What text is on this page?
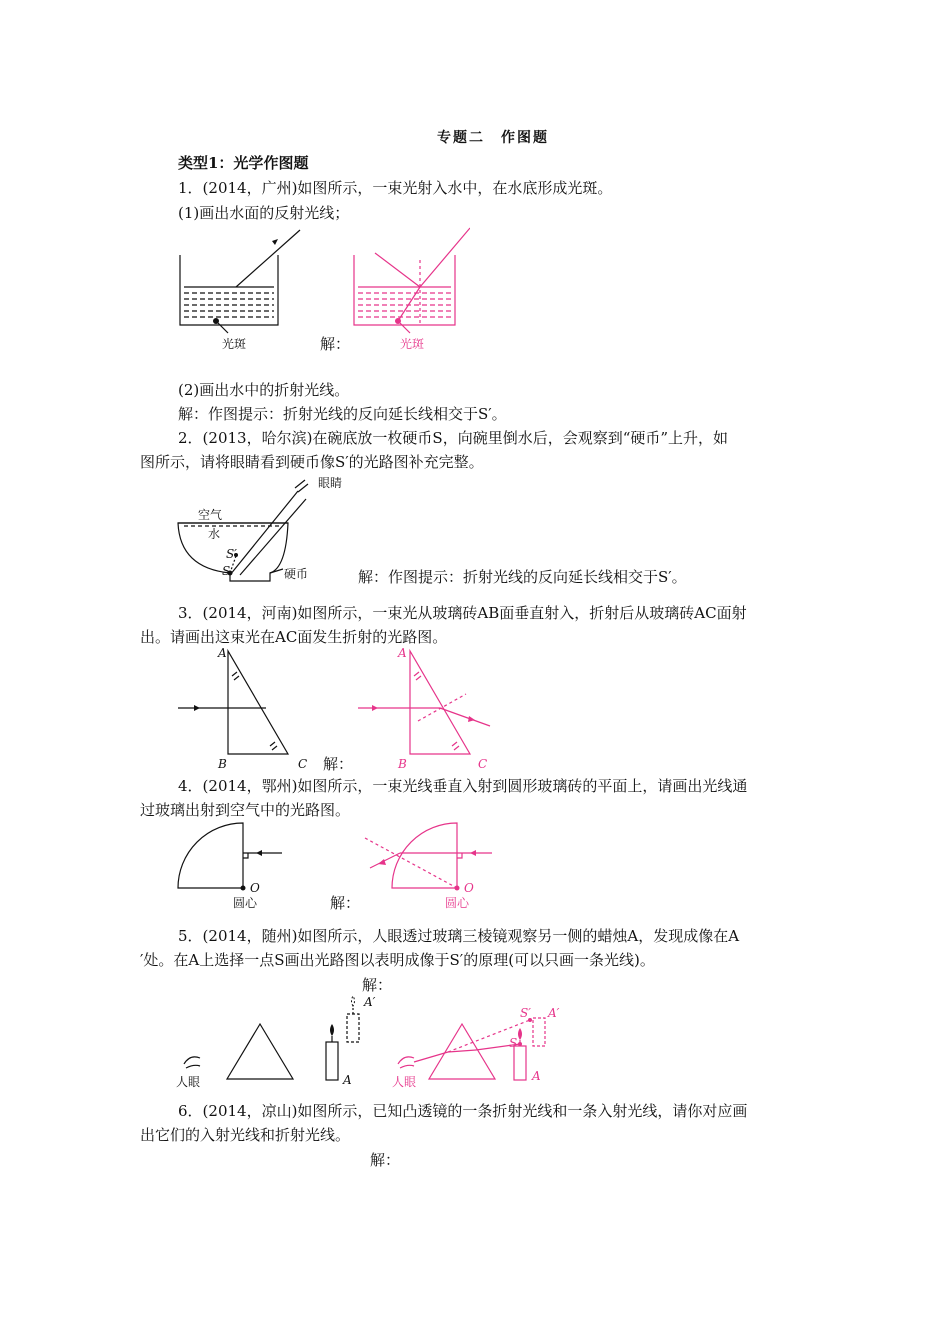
专题二　作图题
类型1：光学作图题
1．(2014，广州)如图所示，一束光射入水中，在水底形成光斑。
(1)画出水面的反射光线；
光斑	解：	光斑
(2)画出水中的折射光线。
解：作图提示：折射光线的反向延长线相交于S′。
2．(2013，哈尔滨)在碗底放一枚硬币S，向碗里倒水后，会观察到“硬币”上升，如
图所示，请将眼睛看到硬币像S′的光路图补充完整。
眼睛
空气
水
S′
S	硬币	解：作图提示：折射光线的反向延长线相交于S′。
3．(2014，河南)如图所示，一束光从玻璃砖AB面垂直射入，折射后从玻璃砖AC面射
出。请画出这束光在AC面发生折射的光路图。
A
B	C 解：
A
B	C
4．(2014，鄂州)如图所示，一束光线垂直入射到圆形玻璃砖的平面上，请画出光线通
过玻璃出射到空气中的光路图。
O
圆心	解：
O
圆心
5．(2014，随州)如图所示，人眼透过玻璃三棱镜观察另一侧的蜡烛A，发现成像在A
′处。在A上选择一点S画出光路图以表明成像于S′的原理(可以只画一条光线)。
解：
A′
人眼	A	人眼
S′ A′
S
A
6．(2014，凉山)如图所示，已知凸透镜的一条折射光线和一条入射光线，请你对应画
出它们的入射光线和折射光线。
解：
